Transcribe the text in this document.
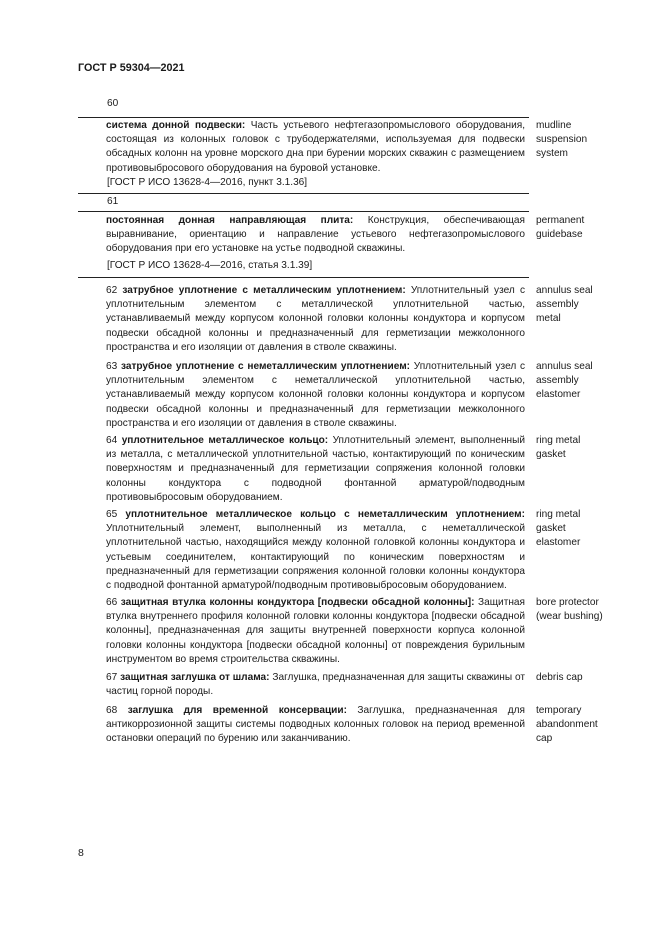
ГОСТ Р 59304—2021
60
система донной подвески: Часть устьевого нефтегазопромыслового оборудования, состоящая из колонных головок с трубодержателями, используемая для подвески обсадных колонн на уровне морского дна при бурении морских скважин с размещением противовыбросового оборудования на буровой установке.
[ГОСТ Р ИСО 13628-4—2016, пункт 3.1.36]
mudline suspension system
61
постоянная донная направляющая плита: Конструкция, обеспечивающая выравнивание, ориентацию и направление устьевого нефтегазопромыслового оборудования при его установке на устье подводной скважины.
[ГОСТ Р ИСО 13628-4—2016, статья 3.1.39]
permanent guidebase
62 затрубное уплотнение с металлическим уплотнением: Уплотнительный узел с уплотнительным элементом с металлической уплотнительной частью, устанавливаемый между корпусом колонной головки колонны кондуктора и корпусом подвески обсадной колонны и предназначенный для герметизации межколонного пространства и его изоляции от давления в стволе скважины.
annulus seal assembly metal
63 затрубное уплотнение с неметаллическим уплотнением: Уплотнительный узел с уплотнительным элементом с неметаллической уплотнительной частью, устанавливаемый между корпусом колонной головки колонны кондуктора и корпусом подвески обсадной колонны и предназначенный для герметизации межколонного пространства и его изоляции от давления в стволе скважины.
annulus seal assembly elastomer
64 уплотнительное металлическое кольцо: Уплотнительный элемент, выполненный из металла, с металлической уплотнительной частью, контактирующий по коническим поверхностям и предназначенный для герметизации сопряжения колонной головки колонны кондуктора с подводной фонтанной арматурой/подводным противовыбросовым оборудованием.
ring metal gasket
65 уплотнительное металлическое кольцо с неметаллическим уплотнением: Уплотнительный элемент, выполненный из металла, с неметаллической уплотнительной частью, находящийся между колонной головкой колонны кондуктора и устьевым соединителем, контактирующий по коническим поверхностям и предназначенный для герметизации сопряжения колонной головки колонны кондуктора с подводной фонтанной арматурой/подводным противовыбросовым оборудованием.
ring metal gasket elastomer
66 защитная втулка колонны кондуктора [подвески обсадной колонны]: Защитная втулка внутреннего профиля колонной головки колонны кондуктора [подвески обсадной колонны], предназначенная для защиты внутренней поверхности корпуса колонной головки колонны кондуктора [подвески обсадной колонны] от повреждения бурильным инструментом во время строительства скважины.
bore protector (wear bushing)
67 защитная заглушка от шлама: Заглушка, предназначенная для защиты скважины от частиц горной породы.
debris cap
68 заглушка для временной консервации: Заглушка, предназначенная для антикоррозионной защиты системы подводных колонных головок на период временной остановки операций по бурению или заканчиванию.
temporary abandonment cap
8
